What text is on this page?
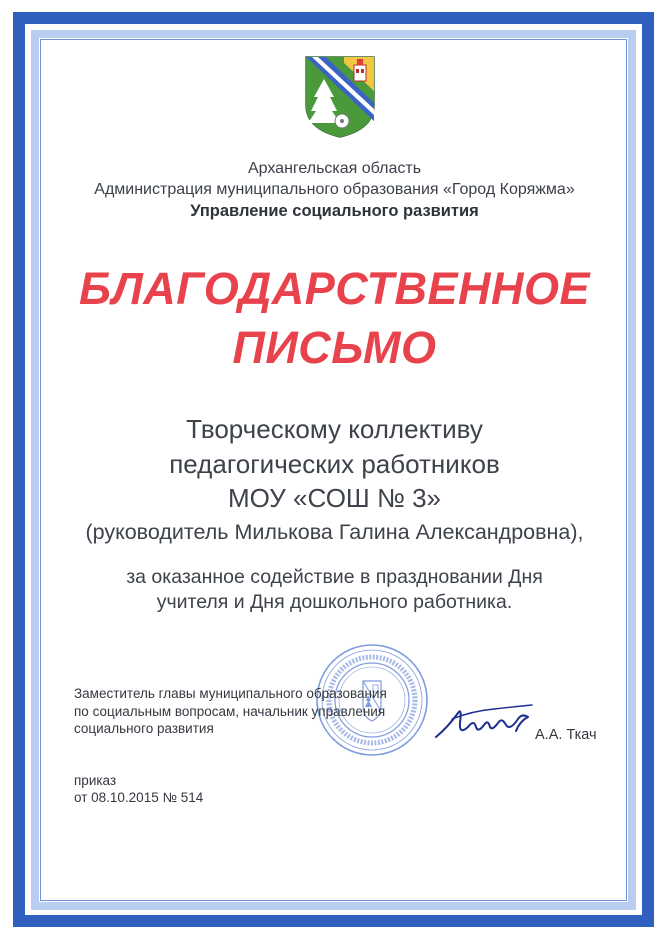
Архангельская область
Администрация муниципального образования «Город Коряжма»
Управление социального развития
БЛАГОДАРСТВЕННОЕ
ПИСЬМО
Творческому коллективу
педагогических работников
МОУ «СОШ № 3»
(руководитель Милькова Галина Александровна),
за оказанное содействие в праздновании Дня
учителя и Дня дошкольного работника.
Заместитель главы муниципального образования
по социальным вопросам, начальник управления
социального развития	А.А. Ткач
приказ
от 08.10.2015 № 514
